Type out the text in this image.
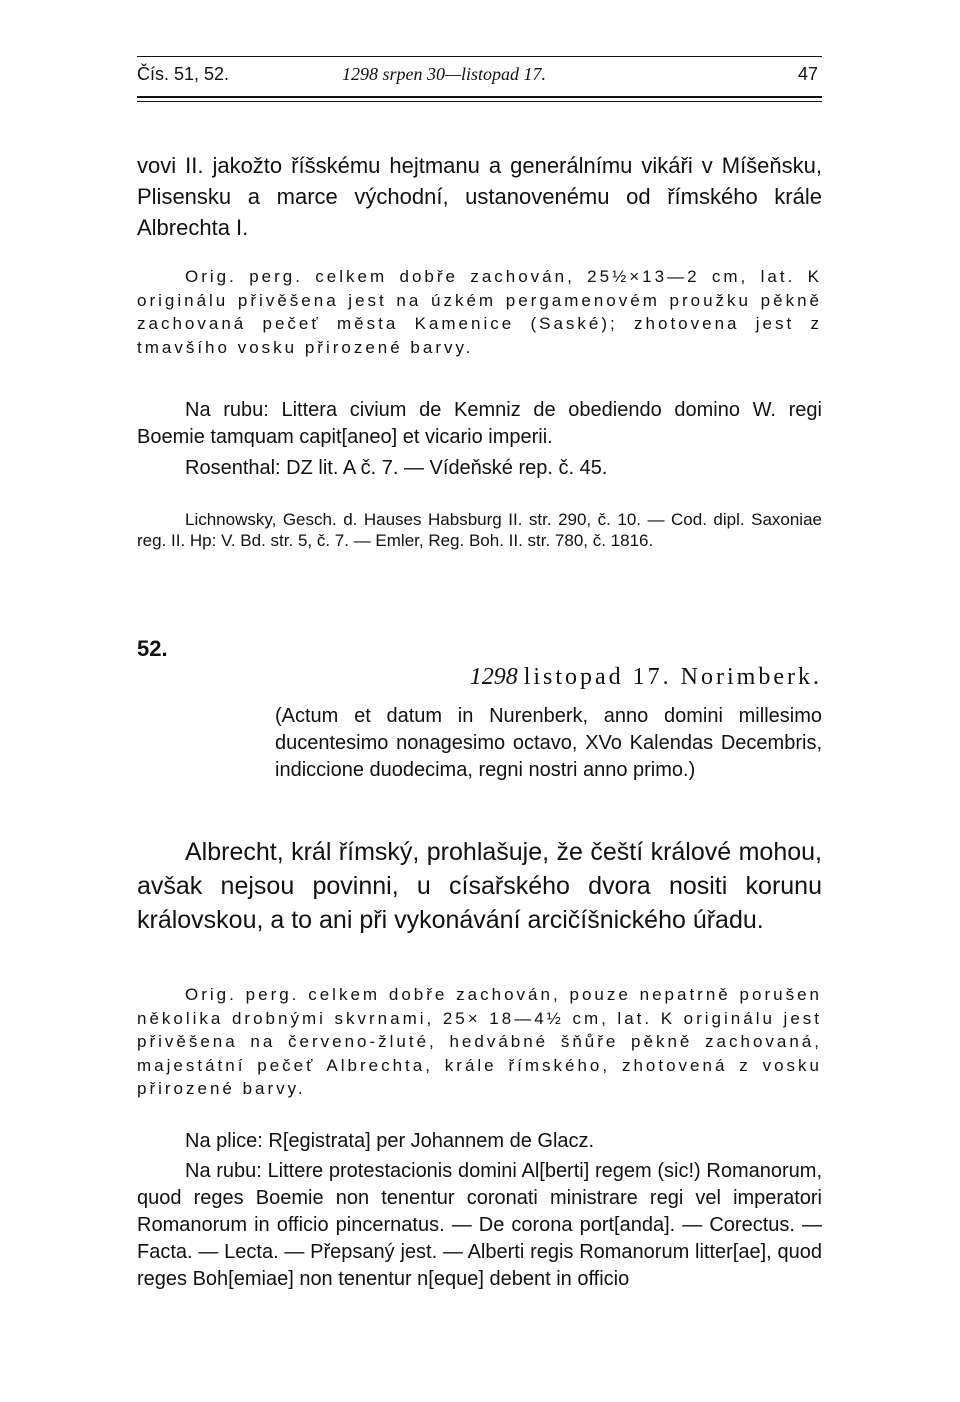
Čís. 51, 52.	1298 srpen 30—listopad 17.	47

vovi II. jakožto říšskému hejtmanu a generálnímu vikáři v Míšeňsku, Plisensku a marce východní, ustanovenému od římského krále Albrechta I.

Orig. perg. celkem dobře zachován, 25½×13—2 cm, lat. K originálu přivěšena jest na úzkém pergamenovém proužku pěkně zachovaná pečeť města Kamenice (Saské); zhotovena jest z tmavšího vosku přirozené barvy.

Na rubu: Littera civium de Kemniz de obediendo domino W. regi Boemie tamquam capit[aneo] et vicario imperii.

Rosenthal: DZ lit. A č. 7. — Vídeňské rep. č. 45.

Lichnowsky, Gesch. d. Hauses Habsburg II. str. 290, č. 10. — Cod. dipl. Saxoniae reg. II. Hp: V. Bd. str. 5, č. 7. — Emler, Reg. Boh. II. str. 780, č. 1816.

52.
1298 listopad 17. Norimberk.

(Actum et datum in Nurenberk, anno domini millesimo ducentesimo nonagesimo octavo, XVo Kalendas Decembris, indiccione duodecima, regni nostri anno primo.)

Albrecht, král římský, prohlašuje, že čeští králové mohou, avšak nejsou povinni, u císařského dvora nositi korunu královskou, a to ani při vykonávání arcičíšnického úřadu.

Orig. perg. celkem dobře zachován, pouze nepatrně porušen několika drobnými skvrnami, 25× 18—4½ cm, lat. K originálu jest přivěšena na červeno-žluté, hedvábné šňůře pěkně zachovaná, majestátní pečeť Albrechta, krále římského, zhotovená z vosku přirozené barvy.

Na plice: R[egistrata] per Johannem de Glacz.

Na rubu: Littere protestacionis domini Al[berti] regem (sic!) Romanorum, quod reges Boemie non tenentur coronati ministrare regi vel imperatori Romanorum in officio pincernatus. — De corona port[anda]. — Corectus. — Facta. — Lecta. — Přepsaný jest. — Alberti regis Romanorum litter[ae], quod reges Boh[emiae] non tenentur n[eque] debent in officio
